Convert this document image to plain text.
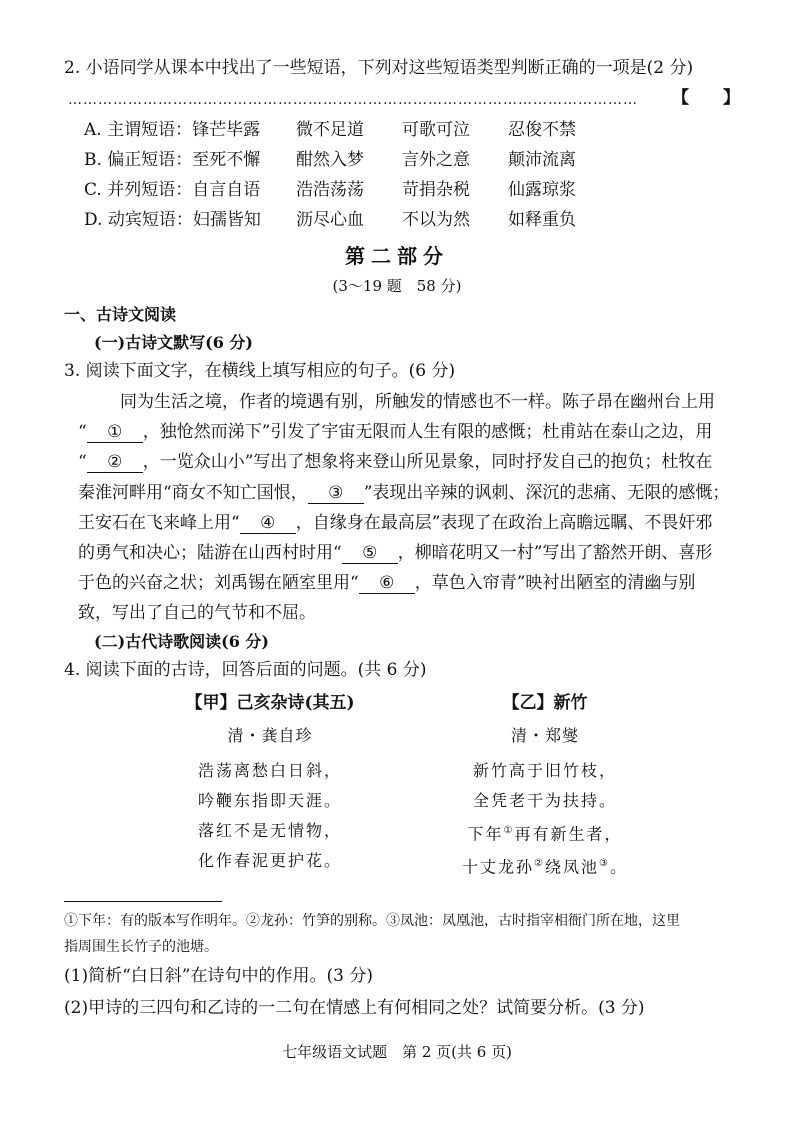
2. 小语同学从课本中找出了一些短语，下列对这些短语类型判断正确的一项是(2 分)
…………………………………………………………………………………………………… 【　　】
A. 主谓短语：锋芒毕露 微不足道 可歌可泣 忍俊不禁
B. 偏正短语：至死不懈 酣然入梦 言外之意 颠沛流离
C. 并列短语：自言自语 浩浩荡荡 苛捐杂税 仙露琼浆
D. 动宾短语：妇孺皆知 沥尽心血 不以为然 如释重负
第二部分
(3～19 题　58 分)
一、古诗文阅读
(一)古诗文默写(6 分)
3. 阅读下面文字，在横线上填写相应的句子。(6 分)
同为生活之境，作者的境遇有别，所触发的情感也不一样。陈子昂在幽州台上用
“ ① ，独怆然而涕下”引发了宇宙无限而人生有限的感慨；杜甫站在泰山之边，用
“ ② ，一览众山小”写出了想象将来登山所见景象，同时抒发自己的抱负；杜牧在
秦淮河畔用“商女不知亡国恨， ③ ”表现出辛辣的讽刺、深沉的悲痛、无限的感慨；
王安石在飞来峰上用“ ④ ，自缘身在最高层”表现了在政治上高瞻远瞩、不畏奸邪
的勇气和决心；陆游在山西村时用“ ⑤ ，柳暗花明又一村”写出了豁然开朗、喜形
于色的兴奋之状；刘禹锡在陋室里用“ ⑥ ，草色入帘青”映衬出陋室的清幽与别
致，写出了自己的气节和不屈。
(二)古代诗歌阅读(6 分)
4. 阅读下面的古诗，回答后面的问题。(共 6 分)
【甲】己亥杂诗(其五)
清・龚自珍
浩荡离愁白日斜，
吟鞭东指即天涯。
落红不是无情物，
化作春泥更护花。
【乙】新竹
清・郑燮
新竹高于旧竹枝，
全凭老干为扶持。
下年①再有新生者，
十丈龙孙②绕凤池③。
①下年：有的版本写作明年。②龙孙：竹笋的别称。③凤池：凤凰池，古时指宰相衙门所在地，这里
指周围生长竹子的池塘。
(1)简析“白日斜”在诗句中的作用。(3 分)
(2)甲诗的三四句和乙诗的一二句在情感上有何相同之处？试简要分析。(3 分)
七年级语文试题　第 2 页(共 6 页)
